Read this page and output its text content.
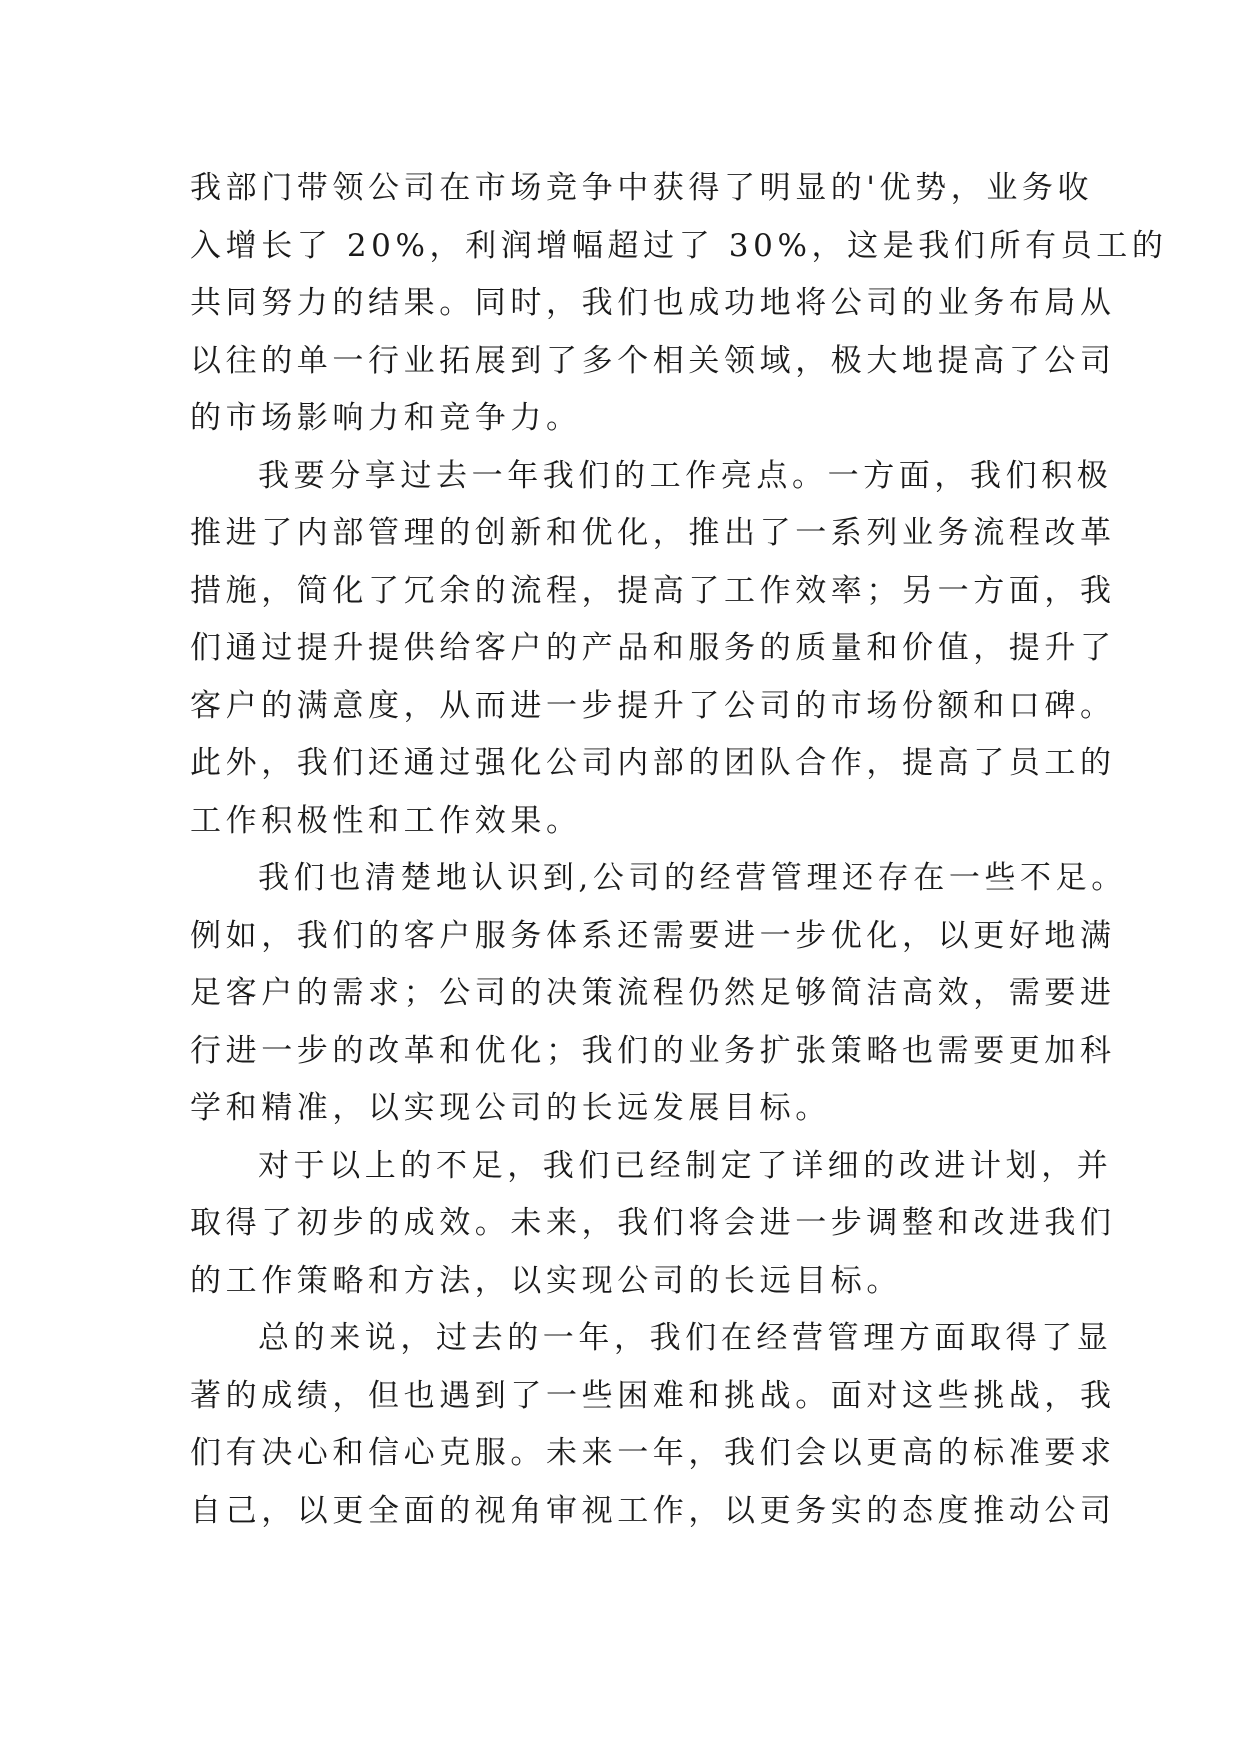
我部门带领公司在市场竞争中获得了明显的'优势，业务收
入增长了 20%，利润增幅超过了 30%，这是我们所有员工的
共同努力的结果。同时，我们也成功地将公司的业务布局从
以往的单一行业拓展到了多个相关领域，极大地提高了公司
的市场影响力和竞争力。
我要分享过去一年我们的工作亮点。一方面，我们积极
推进了内部管理的创新和优化，推出了一系列业务流程改革
措施，简化了冗余的流程，提高了工作效率；另一方面，我
们通过提升提供给客户的产品和服务的质量和价值，提升了
客户的满意度，从而进一步提升了公司的市场份额和口碑。
此外，我们还通过强化公司内部的团队合作，提高了员工的
工作积极性和工作效果。
我们也清楚地认识到,公司的经营管理还存在一些不足。
例如，我们的客户服务体系还需要进一步优化，以更好地满
足客户的需求；公司的决策流程仍然足够简洁高效，需要进
行进一步的改革和优化；我们的业务扩张策略也需要更加科
学和精准，以实现公司的长远发展目标。
对于以上的不足，我们已经制定了详细的改进计划，并
取得了初步的成效。未来，我们将会进一步调整和改进我们
的工作策略和方法，以实现公司的长远目标。
总的来说，过去的一年，我们在经营管理方面取得了显
著的成绩，但也遇到了一些困难和挑战。面对这些挑战，我
们有决心和信心克服。未来一年，我们会以更高的标准要求
自己，以更全面的视角审视工作，以更务实的态度推动公司
